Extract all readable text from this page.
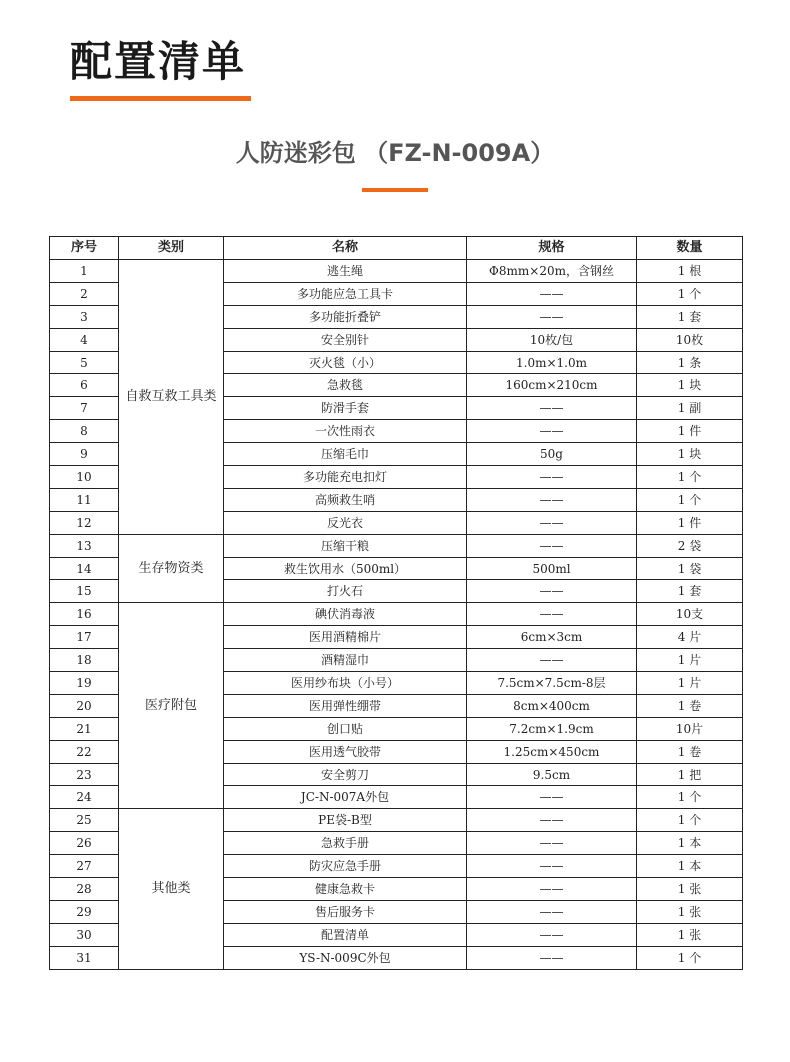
配置清单
人防迷彩包 （FZ-N-009A）
序号	类别	名称	规格	数量
1	自救互救工具类	逃生绳	Φ8mm×20m，含钢丝	1 根
2		多功能应急工具卡	——	1 个
3		多功能折叠铲	——	1 套
4		安全别针	10枚/包	10枚
5		灭火毯（小）	1.0m×1.0m	1 条
6		急救毯	160cm×210cm	1 块
7		防滑手套	——	1 副
8		一次性雨衣	——	1 件
9		压缩毛巾	50g	1 块
10		多功能充电扣灯	——	1 个
11		高频救生哨	——	1 个
12		反光衣	——	1 件
13	生存物资类	压缩干粮	——	2 袋
14		救生饮用水（500ml）	500ml	1 袋
15		打火石	——	1 套
16	医疗附包	碘伏消毒液	——	10支
17		医用酒精棉片	6cm×3cm	4 片
18		酒精湿巾	——	1 片
19		医用纱布块（小号）	7.5cm×7.5cm-8层	1 片
20		医用弹性绷带	8cm×400cm	1 卷
21		创口贴	7.2cm×1.9cm	10片
22		医用透气胶带	1.25cm×450cm	1 卷
23		安全剪刀	9.5cm	1 把
24		JC-N-007A外包	——	1 个
25	其他类	PE袋-B型	——	1 个
26		急救手册	——	1 本
27		防灾应急手册	——	1 本
28		健康急救卡	——	1 张
29		售后服务卡	——	1 张
30		配置清单	——	1 张
31		YS-N-009C外包	——	1 个
